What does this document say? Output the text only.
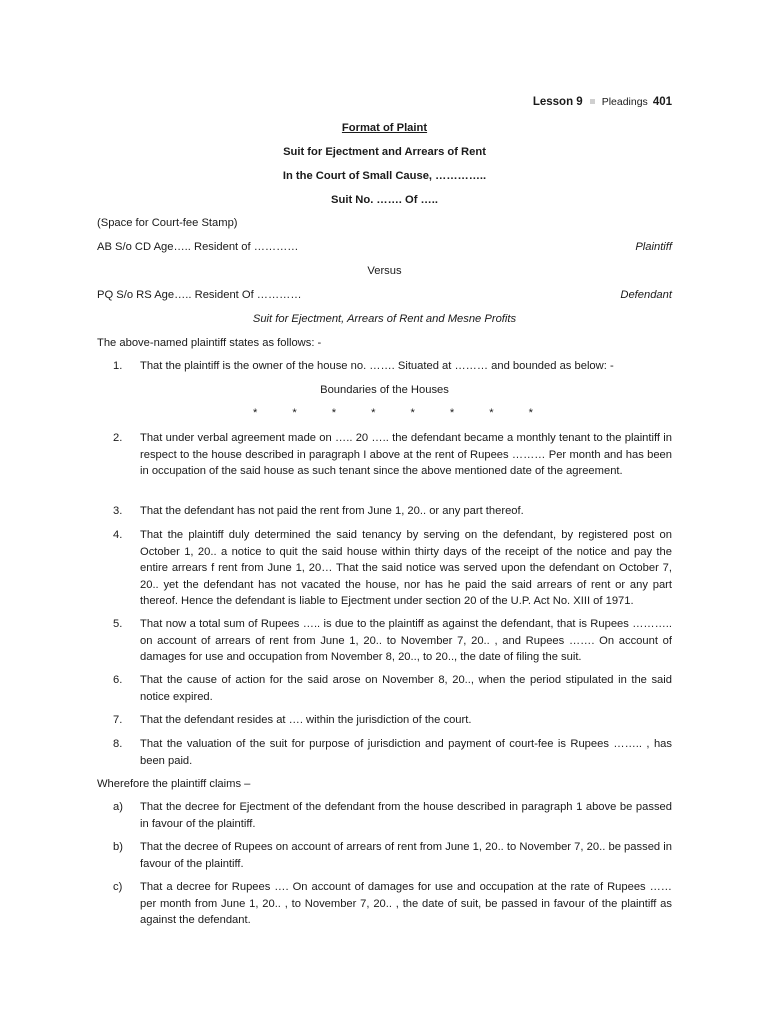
Lesson 9 Pleadings 401
Format of Plaint
Suit for Ejectment and Arrears of Rent
In the Court of Small Cause, …………..
Suit No. ……. Of …..
(Space for Court-fee Stamp)
AB S/o CD Age….. Resident of …………	Plaintiff
Versus
PQ S/o RS Age….. Resident Of …………	Defendant
Suit for Ejectment, Arrears of Rent and Mesne Profits
The above-named plaintiff states as follows: -
1. That the plaintiff is the owner of the house no. ……. Situated at ……… and bounded as below: -
Boundaries of the Houses
*	*	*	*	*	*	*	*
2. That under verbal agreement made on ….. 20 ….. the defendant became a monthly tenant to the plaintiff in respect to the house described in paragraph I above at the rent of Rupees ……… Per month and has been in occupation of the said house as such tenant since the above mentioned date of the agreement.
3. That the defendant has not paid the rent from June 1, 20.. or any part thereof.
4. That the plaintiff duly determined the said tenancy by serving on the defendant, by registered post on October 1, 20.. a notice to quit the said house within thirty days of the receipt of the notice and pay the entire arrears f rent from June 1, 20… That the said notice was served upon the defendant on October 7, 20.. yet the defendant has not vacated the house, nor has he paid the said arrears of rent or any part thereof. Hence the defendant is liable to Ejectment under section 20 of the U.P. Act No. XIII of 1971.
5. That now a total sum of Rupees ….. is due to the plaintiff as against the defendant, that is Rupees ……….. on account of arrears of rent from June 1, 20.. to November 7, 20.. , and Rupees ……. On account of damages for use and occupation from November 8, 20.., to 20.., the date of filing the suit.
6. That the cause of action for the said arose on November 8, 20.., when the period stipulated in the said notice expired.
7. That the defendant resides at …. within the jurisdiction of the court.
8. That the valuation of the suit for purpose of jurisdiction and payment of court-fee is Rupees …….. , has been paid.
Wherefore the plaintiff claims –
a) That the decree for Ejectment of the defendant from the house described in paragraph 1 above be passed in favour of the plaintiff.
b) That the decree of Rupees on account of arrears of rent from June 1, 20.. to November 7, 20.. be passed in favour of the plaintiff.
c) That a decree for Rupees …. On account of damages for use and occupation at the rate of Rupees …… per month from June 1, 20.. , to November 7, 20.. , the date of suit, be passed in favour of the plaintiff as against the defendant.
